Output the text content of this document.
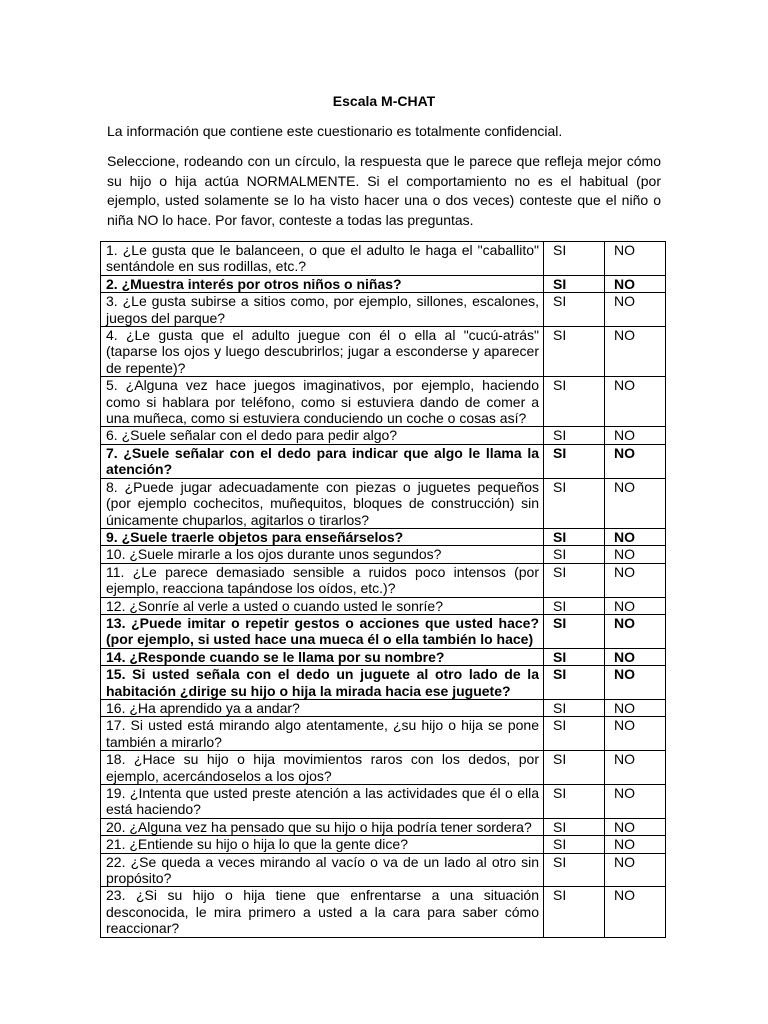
Escala M-CHAT

La información que contiene este cuestionario es totalmente confidencial.

Seleccione, rodeando con un círculo, la respuesta que le parece que refleja mejor cómo su hijo o hija actúa NORMALMENTE. Si el comportamiento no es el habitual (por ejemplo, usted solamente se lo ha visto hacer una o dos veces) conteste que el niño o niña NO lo hace. Por favor, conteste a todas las preguntas.

1. ¿Le gusta que le balanceen, o que el adulto le haga el "caballito" sentándole en sus rodillas, etc.?	SI	NO
2. ¿Muestra interés por otros niños o niñas?	SI	NO
3. ¿Le gusta subirse a sitios como, por ejemplo, sillones, escalones, juegos del parque?	SI	NO
4. ¿Le gusta que el adulto juegue con él o ella al "cucú-atrás" (taparse los ojos y luego descubrirlos; jugar a esconderse y aparecer de repente)?	SI	NO
5. ¿Alguna vez hace juegos imaginativos, por ejemplo, haciendo como si hablara por teléfono, como si estuviera dando de comer a una muñeca, como si estuviera conduciendo un coche o cosas así?	SI	NO
6. ¿Suele señalar con el dedo para pedir algo?	SI	NO
7. ¿Suele señalar con el dedo para indicar que algo le llama la atención?	SI	NO
8. ¿Puede jugar adecuadamente con piezas o juguetes pequeños (por ejemplo cochecitos, muñequitos, bloques de construcción) sin únicamente chuparlos, agitarlos o tirarlos?	SI	NO
9. ¿Suele traerle objetos para enseñárselos?	SI	NO
10. ¿Suele mirarle a los ojos durante unos segundos?	SI	NO
11. ¿Le parece demasiado sensible a ruidos poco intensos (por ejemplo, reacciona tapándose los oídos, etc.)?	SI	NO
12. ¿Sonríe al verle a usted o cuando usted le sonríe?	SI	NO
13. ¿Puede imitar o repetir gestos o acciones que usted hace? (por ejemplo, si usted hace una mueca él o ella también lo hace)	SI	NO
14. ¿Responde cuando se le llama por su nombre?	SI	NO
15. Si usted señala con el dedo un juguete al otro lado de la habitación ¿dirige su hijo o hija la mirada hacia ese juguete?	SI	NO
16. ¿Ha aprendido ya a andar?	SI	NO
17. Si usted está mirando algo atentamente, ¿su hijo o hija se pone también a mirarlo?	SI	NO
18. ¿Hace su hijo o hija movimientos raros con los dedos, por ejemplo, acercándoselos a los ojos?	SI	NO
19. ¿Intenta que usted preste atención a las actividades que él o ella está haciendo?	SI	NO
20. ¿Alguna vez ha pensado que su hijo o hija podría tener sordera?	SI	NO
21. ¿Entiende su hijo o hija lo que la gente dice?	SI	NO
22. ¿Se queda a veces mirando al vacío o va de un lado al otro sin propósito?	SI	NO
23. ¿Si su hijo o hija tiene que enfrentarse a una situación desconocida, le mira primero a usted a la cara para saber cómo reaccionar?	SI	NO
